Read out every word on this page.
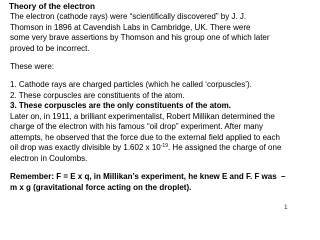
Theory of the electron
The electron (cathode rays) were “scientifically discovered” by J. J.
Thomson in 1896 at Cavendish Labs in Cambridge, UK. There were
some very brave assertions by Thomson and his group one of which later
proved to be incorrect.
These were:
1. Cathode rays are charged particles (which he called ‘corpuscles’).
2. These corpuscles are constituents of the atom.
3. These corpuscles are the only constituents of the atom.
Later on, in 1911, a brilliant experimentalist, Robert Millikan determined the
charge of the electron with his famous “oil drop” experiment. After many
attempts, he observed that the force due to the external field applied to each
oil drop was exactly divisible by 1.602 x $10^{-19}$. He assigned the charge of one
electron in Coulombs.
Remember: F = E x q, in Millikan’s experiment, he knew E and F. F was –
m x g (gravitational force acting on the droplet).
1
